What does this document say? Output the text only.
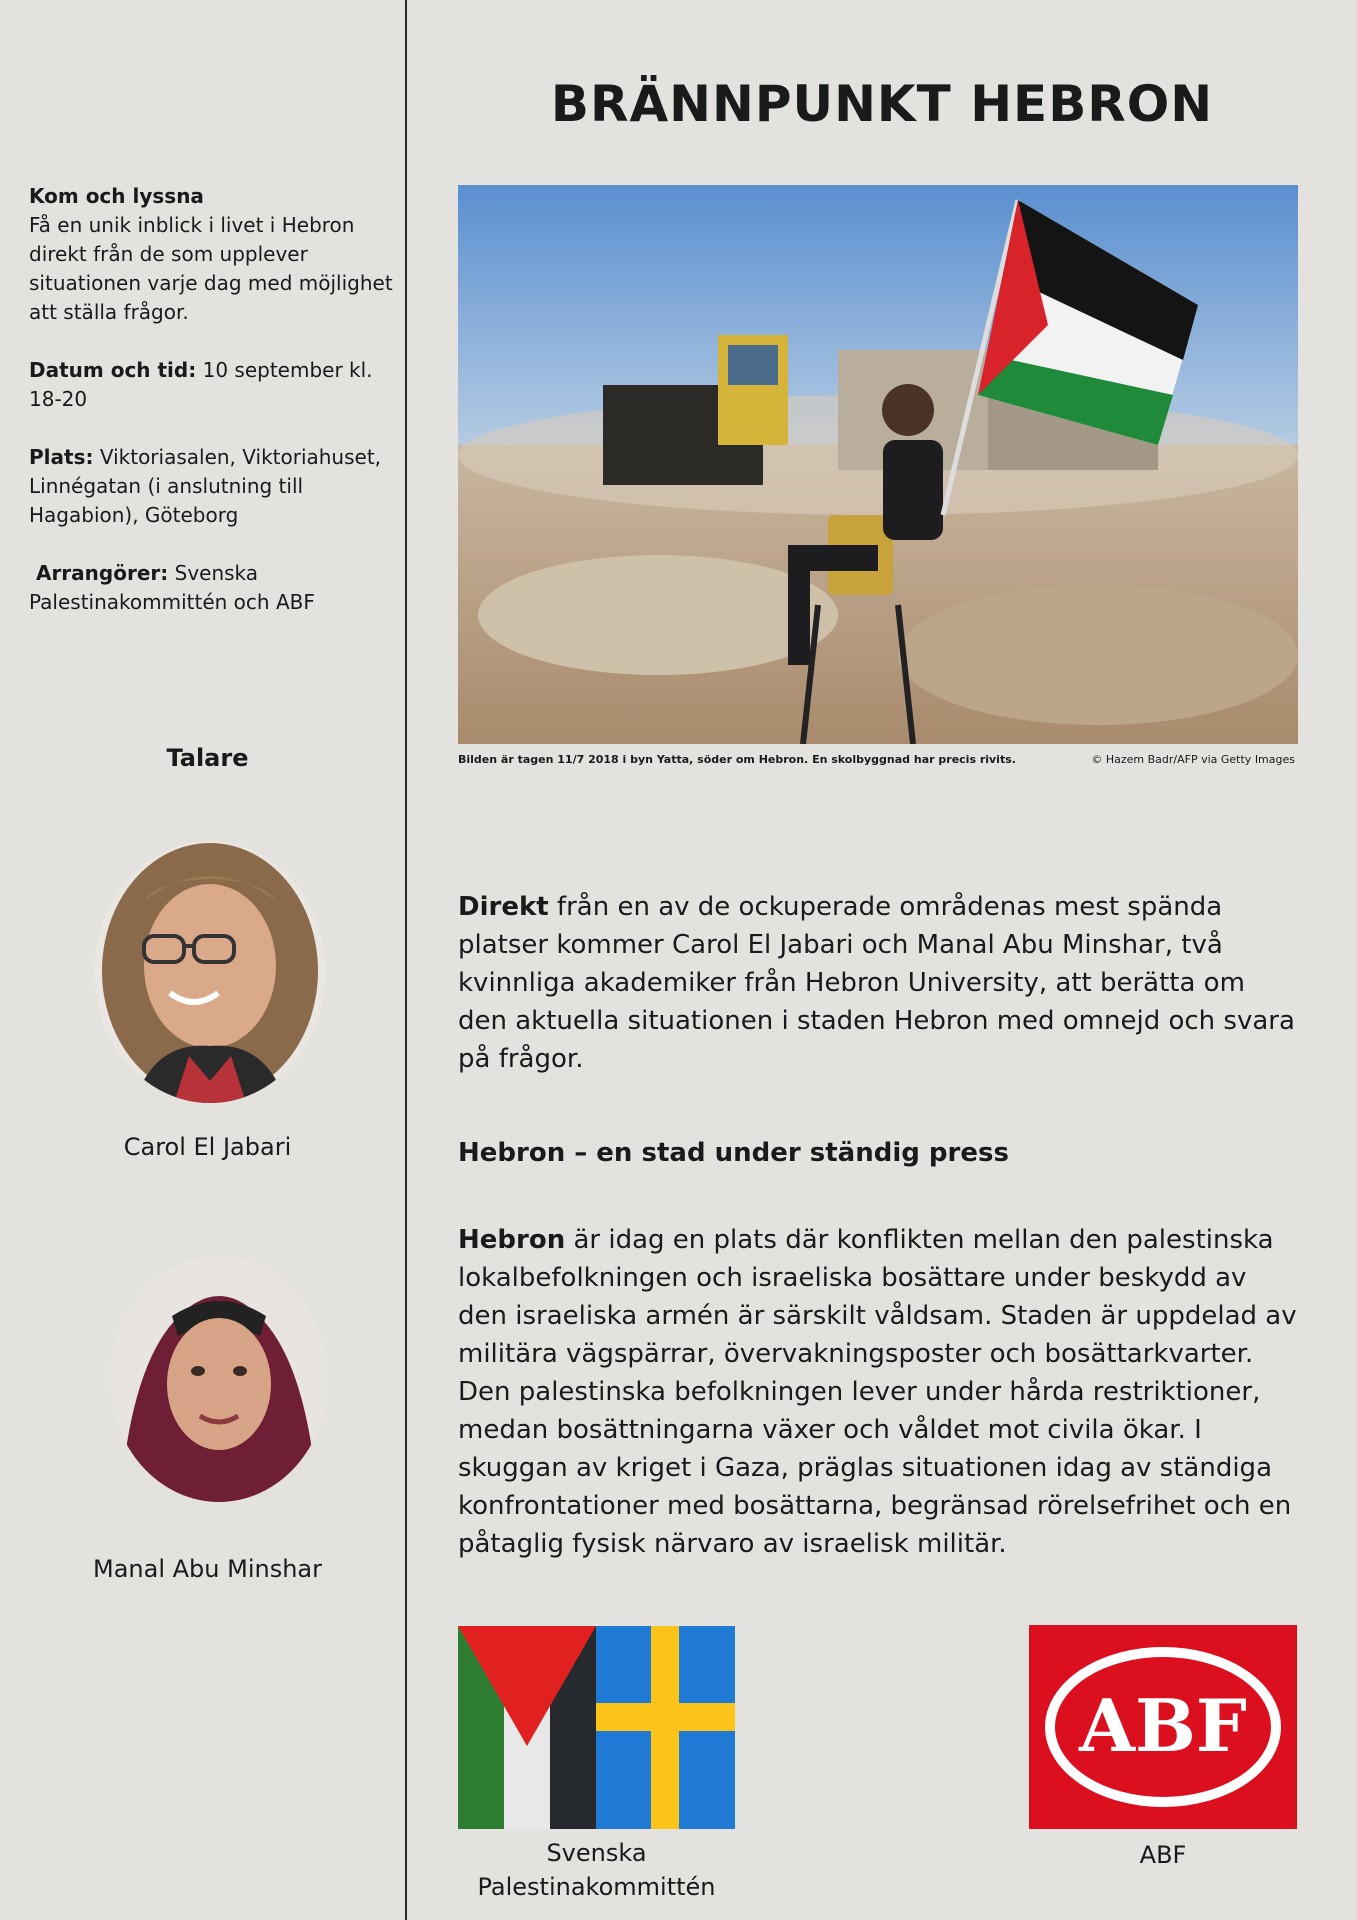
Kom och lyssna
Få en unik inblick i livet i Hebron direkt från de som upplever situationen varje dag med möjlighet att ställa frågor.

Datum och tid: 10 september kl. 18-20

Plats: Viktoriasalen, Viktoriahuset, Linnégatan (i anslutning till Hagabion), Göteborg

Arrangörer: Svenska Palestinakommittén och ABF

Talare
Carol El Jabari
Manal Abu Minshar
BRÄNNPUNKT HEBRON
Bilden är tagen 11/7 2018 i byn Yatta, söder om Hebron. En skolbyggnad har precis rivits.	© Hazem Badr/AFP via Getty Images

Direkt från en av de ockuperade områdenas mest spända platser kommer Carol El Jabari och Manal Abu Minshar, två kvinnliga akademiker från Hebron University, att berätta om den aktuella situationen i staden Hebron med omnejd och svara på frågor.

Hebron – en stad under ständig press

Hebron är idag en plats där konflikten mellan den palestinska lokalbefolkningen och israeliska bosättare under beskydd av den israeliska armén är särskilt våldsam. Staden är uppdelad av militära vägspärrar, övervakningsposter och bosättarkvarter. Den palestinska befolkningen lever under hårda restriktioner, medan bosättningarna växer och våldet mot civila ökar. I skuggan av kriget i Gaza, präglas situationen idag av ständiga konfrontationer med bosättarna, begränsad rörelsefrihet och en påtaglig fysisk närvaro av israelisk militär.

ABF
Svenska
Palestinakommittén
ABF
